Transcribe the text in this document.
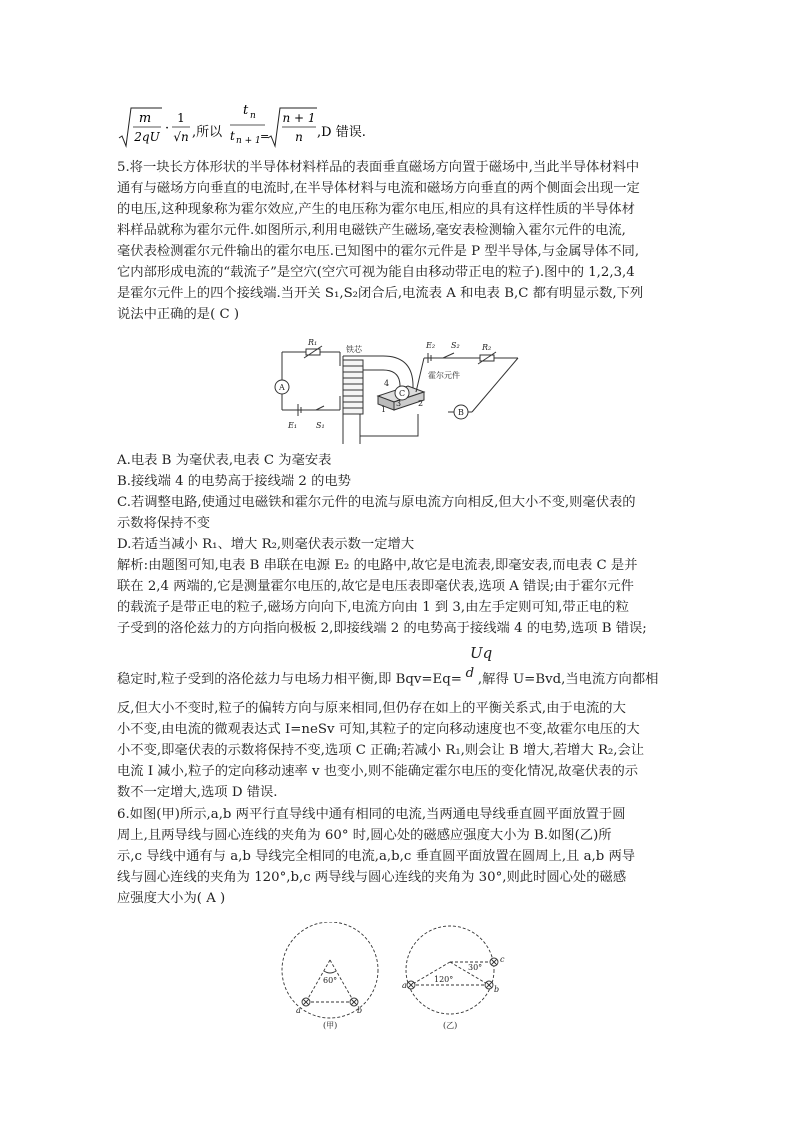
m
2qU
·
1
√n ,所以
t n
t n + 1 =
n + 1
n ,D 错误.
5.将一块长方体形状的半导体材料样品的表面垂直磁场方向置于磁场中,当此半导体材料中
通有与磁场方向垂直的电流时,在半导体材料与电流和磁场方向垂直的两个侧面会出现一定
的电压,这种现象称为霍尔效应,产生的电压称为霍尔电压,相应的具有这样性质的半导体材
料样品就称为霍尔元件.如图所示,利用电磁铁产生磁场,毫安表检测输入霍尔元件的电流,
毫伏表检测霍尔元件输出的霍尔电压.已知图中的霍尔元件是 P 型半导体,与金属导体不同,
它内部形成电流的“载流子”是空穴(空穴可视为能自由移动带正电的粒子).图中的 1,2,3,4
是霍尔元件上的四个接线端.当开关 S₁,S₂闭合后,电流表 A 和电表 B,C 都有明显示数,下列
说法中正确的是( C )
R₁
A
E₁ S₁
铁芯	E₂ S₂	R₂
霍尔元件
4
1
3 2
C
B
A.电表 B 为毫伏表,电表 C 为毫安表
B.接线端 4 的电势高于接线端 2 的电势
C.若调整电路,使通过电磁铁和霍尔元件的电流与原电流方向相反,但大小不变,则毫伏表的
示数将保持不变
D.若适当减小 R₁、增大 R₂,则毫伏表示数一定增大
解析:由题图可知,电表 B 串联在电源 E₂ 的电路中,故它是电流表,即毫安表,而电表 C 是并
联在 2,4 两端的,它是测量霍尔电压的,故它是电压表即毫伏表,选项 A 错误;由于霍尔元件
的载流子是带正电的粒子,磁场方向向下,电流方向由 1 到 3,由左手定则可知,带正电的粒
子受到的洛伦兹力的方向指向极板 2,即接线端 2 的电势高于接线端 4 的电势,选项 B 错误;
Uq
稳定时,粒子受到的洛伦兹力与电场力相平衡,即 Bqv=Eq= d ,解得 U=Bvd,当电流方向都相
反,但大小不变时,粒子的偏转方向与原来相同,但仍存在如上的平衡关系式,由于电流的大
小不变,由电流的微观表达式 I=neSv 可知,其粒子的定向移动速度也不变,故霍尔电压的大
小不变,即毫伏表的示数将保持不变,选项 C 正确;若减小 R₁,则会让 B 增大,若增大 R₂,会让
电流 I 减小,粒子的定向移动速率 v 也变小,则不能确定霍尔电压的变化情况,故毫伏表的示
数不一定增大,选项 D 错误.
6.如图(甲)所示,a,b 两平行直导线中通有相同的电流,当两通电导线垂直圆平面放置于圆
周上,且两导线与圆心连线的夹角为 60° 时,圆心处的磁感应强度大小为 B.如图(乙)所
示,c 导线中通有与 a,b 导线完全相同的电流,a,b,c 垂直圆平面放置在圆周上,且 a,b 两导
线与圆心连线的夹角为 120°,b,c 两导线与圆心连线的夹角为 30°,则此时圆心处的磁感
应强度大小为( A )
60°
a	b
(甲)
120°
30°
a	b
c
(乙)
